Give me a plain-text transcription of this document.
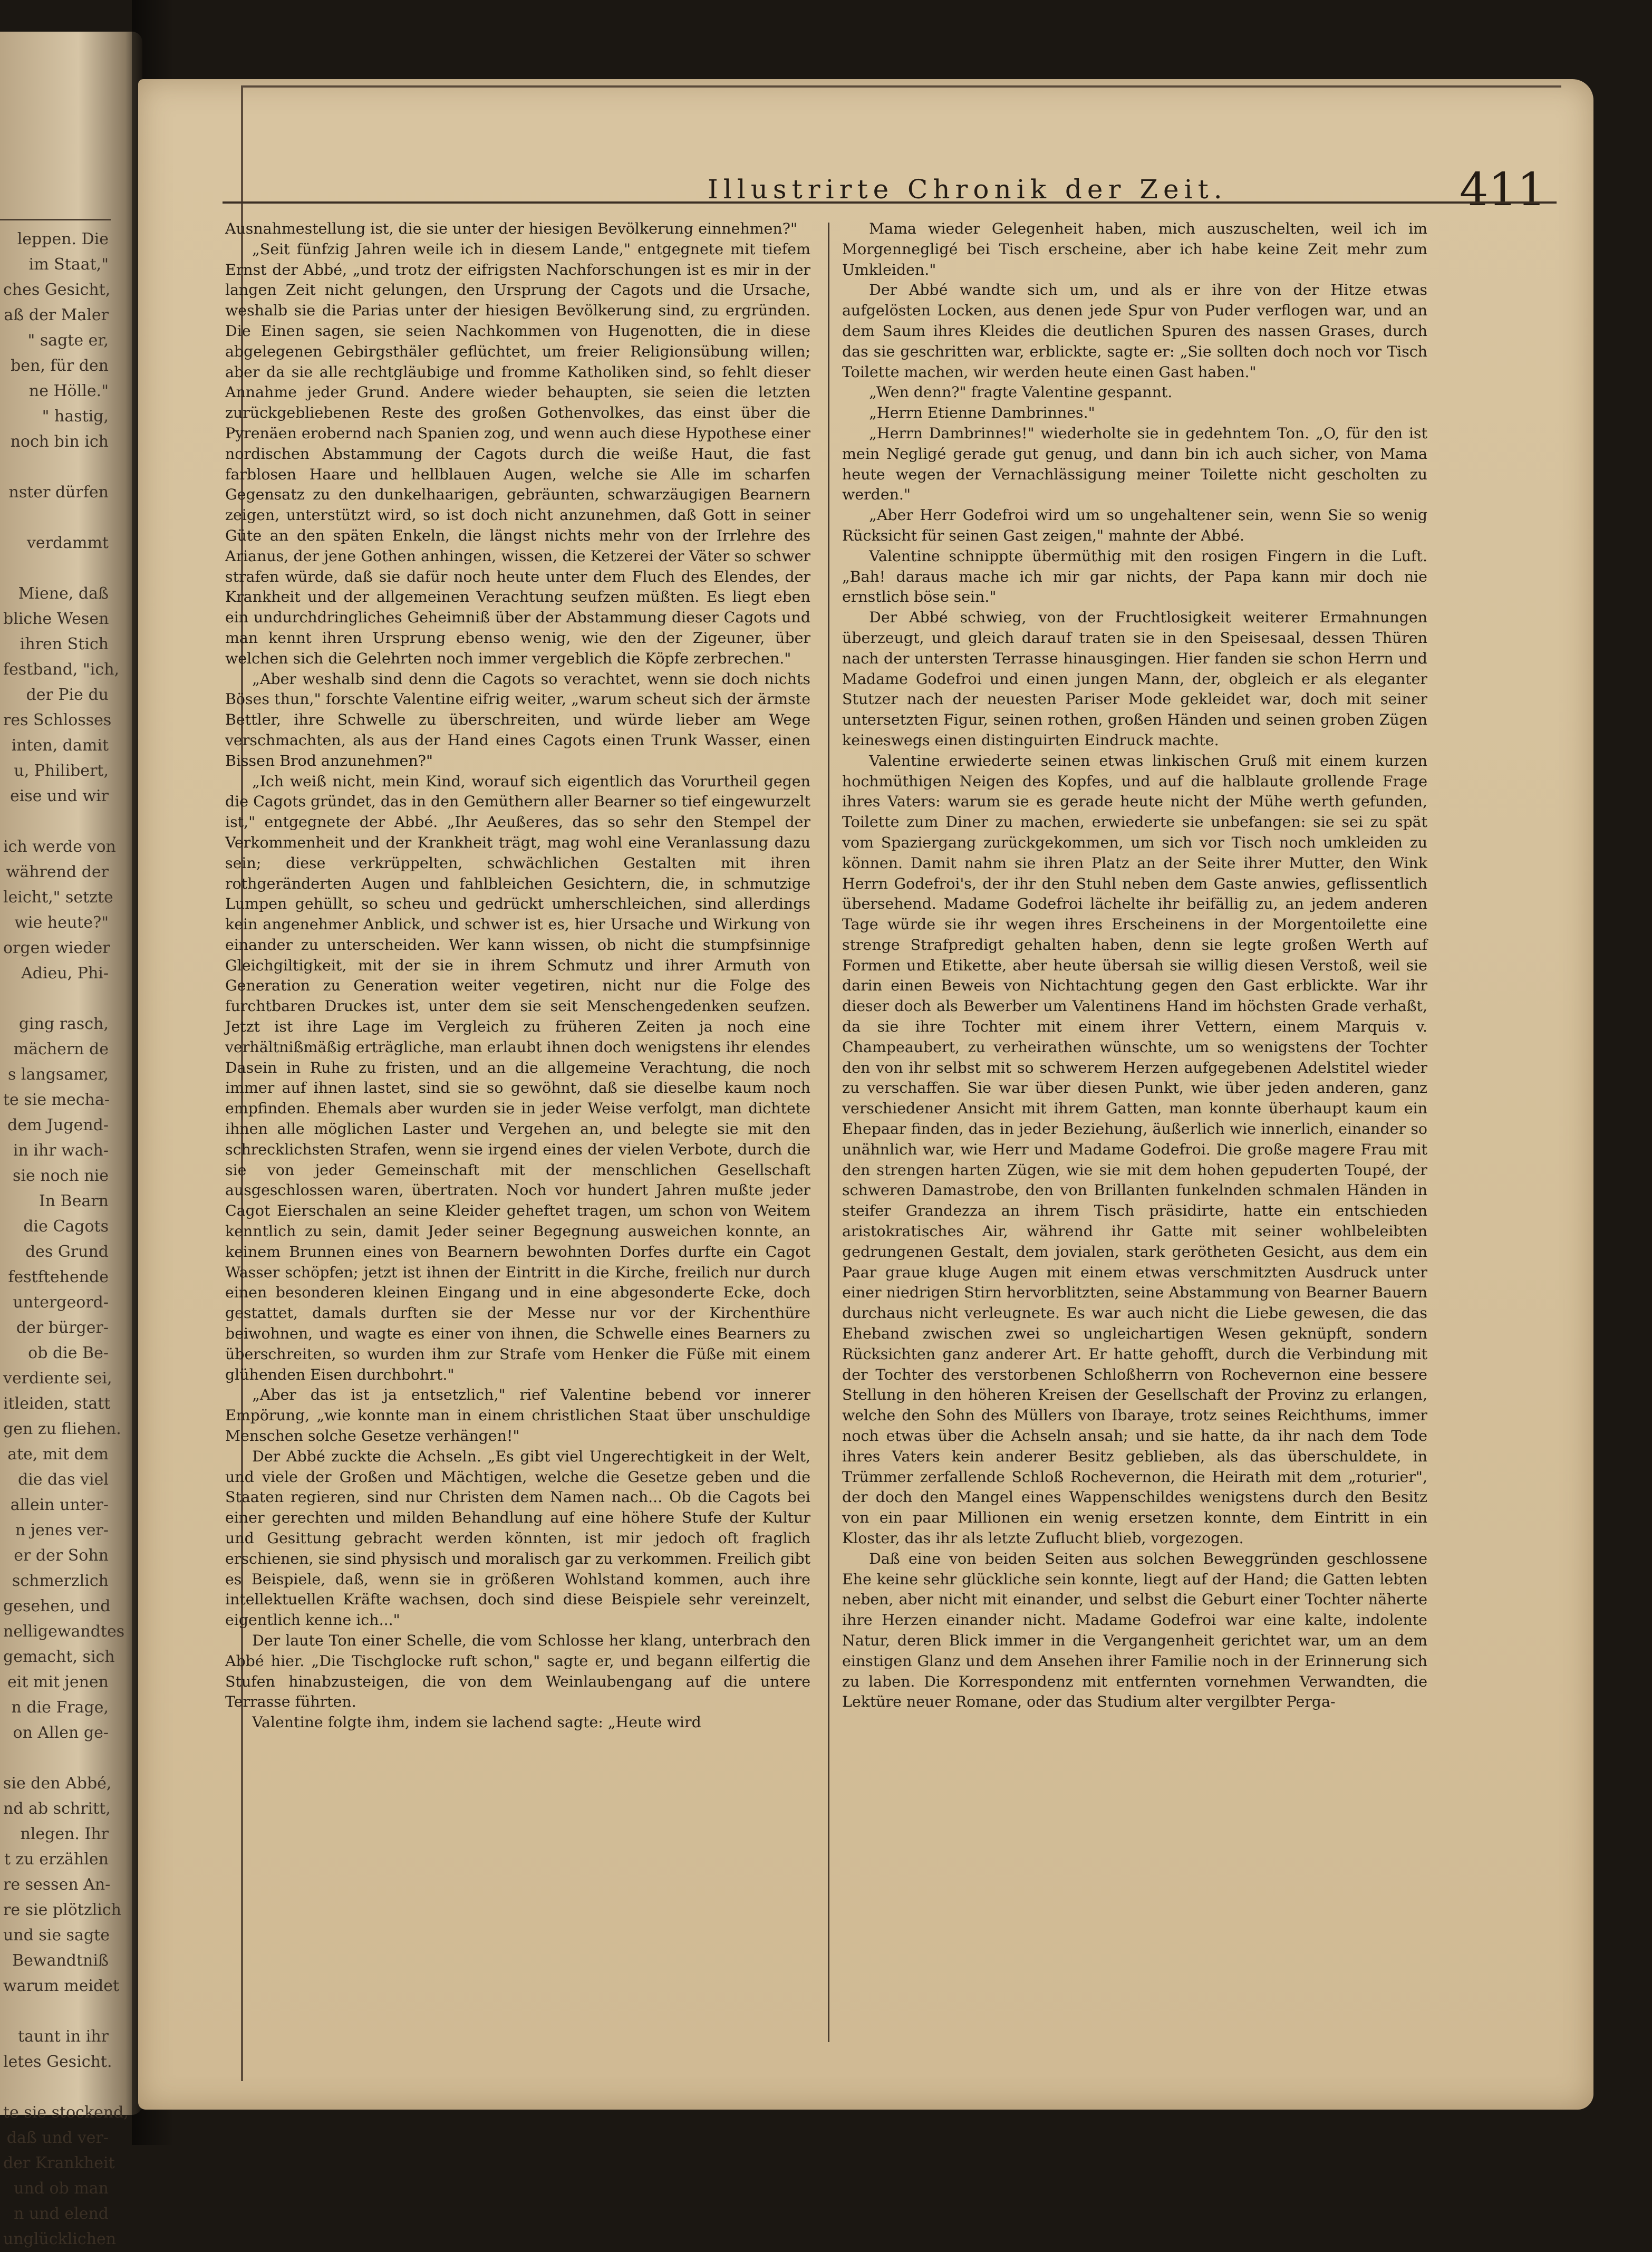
leppen. Die
im Staat,"
ches Gesicht,
aß der Maler
" sagte er,
ben, für den
ne Hölle."
" hastig,
noch bin ich
nster dürfen
verdammt
Miene, daß
bliche Wesen
ihren Stich
festband, "ich,
der Pie du
res Schlosses
inten, damit
u, Philibert,
eise und wir
ich werde von
während der
leicht," setzte
wie heute?"
orgen wieder
Adieu, Phi-
ging rasch,
mächern de
s langsamer,
te sie mecha-
dem Jugend-
in ihr wach-
sie noch nie
In Bearn
die Cagots
des Grund
festftehende
untergeord-
der bürger-
ob die Be-
verdiente sei,
itleiden, statt
gen zu fliehen.
ate, mit dem
die das viel
allein unter-
n jenes ver-
er der Sohn
schmerzlich
gesehen, und
nelligewandtes
gemacht, sich
eit mit jenen
n die Frage,
on Allen ge-
sie den Abbé,
nd ab schritt,
nlegen. Ihr
t zu erzählen
re sessen An-
re sie plötzlich
und sie sagte
Bewandtniß
warum meidet
taunt in ihr
letes Gesicht.
te sie stockend,
daß und ver-
der Krankheit
und ob man
n und elend
unglücklichen
Illustrirte Chronik der Zeit.	411

Ausnahmestellung ist, die sie unter der hiesigen Bevölkerung einnehmen?"

„Seit fünfzig Jahren weile ich in diesem Lande," entgegnete mit tiefem Ernst der Abbé, „und trotz der eifrigsten Nachforschungen ist es mir in der langen Zeit nicht gelungen, den Ursprung der Cagots und die Ursache, weshalb sie die Parias unter der hiesigen Bevölkerung sind, zu ergründen. Die Einen sagen, sie seien Nachkommen von Hugenotten, die in diese abgelegenen Gebirgsthäler geflüchtet, um freier Religionsübung willen; aber da sie alle rechtgläubige und fromme Katholiken sind, so fehlt dieser Annahme jeder Grund. Andere wieder behaupten, sie seien die letzten zurückgebliebenen Reste des großen Gothenvolkes, das einst über die Pyrenäen erobernd nach Spanien zog, und wenn auch diese Hypothese einer nordischen Abstammung der Cagots durch die weiße Haut, die fast farblosen Haare und hellblauen Augen, welche sie Alle im scharfen Gegensatz zu den dunkelhaarigen, gebräunten, schwarzäugigen Bearnern zeigen, unterstützt wird, so ist doch nicht anzunehmen, daß Gott in seiner Güte an den späten Enkeln, die längst nichts mehr von der Irrlehre des Arianus, der jene Gothen anhingen, wissen, die Ketzerei der Väter so schwer strafen würde, daß sie dafür noch heute unter dem Fluch des Elendes, der Krankheit und der allgemeinen Verachtung seufzen müßten. Es liegt eben ein undurchdringliches Geheimniß über der Abstammung dieser Cagots und man kennt ihren Ursprung ebenso wenig, wie den der Zigeuner, über welchen sich die Gelehrten noch immer vergeblich die Köpfe zerbrechen."

„Aber weshalb sind denn die Cagots so verachtet, wenn sie doch nichts Böses thun," forschte Valentine eifrig weiter, „warum scheut sich der ärmste Bettler, ihre Schwelle zu überschreiten, und würde lieber am Wege verschmachten, als aus der Hand eines Cagots einen Trunk Wasser, einen Bissen Brod anzunehmen?"

„Ich weiß nicht, mein Kind, worauf sich eigentlich das Vorurtheil gegen die Cagots gründet, das in den Gemüthern aller Bearner so tief eingewurzelt ist," entgegnete der Abbé. „Ihr Aeußeres, das so sehr den Stempel der Verkommenheit und der Krankheit trägt, mag wohl eine Veranlassung dazu sein; diese verkrüppelten, schwächlichen Gestalten mit ihren rothgeränderten Augen und fahlbleichen Gesichtern, die, in schmutzige Lumpen gehüllt, so scheu und gedrückt umherschleichen, sind allerdings kein angenehmer Anblick, und schwer ist es, hier Ursache und Wirkung von einander zu unterscheiden. Wer kann wissen, ob nicht die stumpfsinnige Gleichgiltigkeit, mit der sie in ihrem Schmutz und ihrer Armuth von Generation zu Generation weiter vegetiren, nicht nur die Folge des furchtbaren Druckes ist, unter dem sie seit Menschengedenken seufzen. Jetzt ist ihre Lage im Vergleich zu früheren Zeiten ja noch eine verhältnißmäßig erträgliche, man erlaubt ihnen doch wenigstens ihr elendes Dasein in Ruhe zu fristen, und an die allgemeine Verachtung, die noch immer auf ihnen lastet, sind sie so gewöhnt, daß sie dieselbe kaum noch empfinden. Ehemals aber wurden sie in jeder Weise verfolgt, man dichtete ihnen alle möglichen Laster und Vergehen an, und belegte sie mit den schrecklichsten Strafen, wenn sie irgend eines der vielen Verbote, durch die sie von jeder Gemeinschaft mit der menschlichen Gesellschaft ausgeschlossen waren, übertraten. Noch vor hundert Jahren mußte jeder Cagot Eierschalen an seine Kleider geheftet tragen, um schon von Weitem kenntlich zu sein, damit Jeder seiner Begegnung ausweichen konnte, an keinem Brunnen eines von Bearnern bewohnten Dorfes durfte ein Cagot Wasser schöpfen; jetzt ist ihnen der Eintritt in die Kirche, freilich nur durch einen besonderen kleinen Eingang und in eine abgesonderte Ecke, doch gestattet, damals durften sie der Messe nur vor der Kirchenthüre beiwohnen, und wagte es einer von ihnen, die Schwelle eines Bearners zu überschreiten, so wurden ihm zur Strafe vom Henker die Füße mit einem glühenden Eisen durchbohrt."

„Aber das ist ja entsetzlich," rief Valentine bebend vor innerer Empörung, „wie konnte man in einem christlichen Staat über unschuldige Menschen solche Gesetze verhängen!"

Der Abbé zuckte die Achseln. „Es gibt viel Ungerechtigkeit in der Welt, und viele der Großen und Mächtigen, welche die Gesetze geben und die Staaten regieren, sind nur Christen dem Namen nach... Ob die Cagots bei einer gerechten und milden Behandlung auf eine höhere Stufe der Kultur und Gesittung gebracht werden könnten, ist mir jedoch oft fraglich erschienen, sie sind physisch und moralisch gar zu verkommen. Freilich gibt es Beispiele, daß, wenn sie in größeren Wohlstand kommen, auch ihre intellektuellen Kräfte wachsen, doch sind diese Beispiele sehr vereinzelt, eigentlich kenne ich..."

Der laute Ton einer Schelle, die vom Schlosse her klang, unterbrach den Abbé hier. „Die Tischglocke ruft schon," sagte er, und begann eilfertig die Stufen hinabzusteigen, die von dem Weinlaubengang auf die untere Terrasse führten.

Valentine folgte ihm, indem sie lachend sagte: „Heute wird

Mama wieder Gelegenheit haben, mich auszuschelten, weil ich im Morgennegligé bei Tisch erscheine, aber ich habe keine Zeit mehr zum Umkleiden."

Der Abbé wandte sich um, und als er ihre von der Hitze etwas aufgelösten Locken, aus denen jede Spur von Puder verflogen war, und an dem Saum ihres Kleides die deutlichen Spuren des nassen Grases, durch das sie geschritten war, erblickte, sagte er: „Sie sollten doch noch vor Tisch Toilette machen, wir werden heute einen Gast haben."

„Wen denn?" fragte Valentine gespannt.

„Herrn Etienne Dambrinnes."

„Herrn Dambrinnes!" wiederholte sie in gedehntem Ton. „O, für den ist mein Negligé gerade gut genug, und dann bin ich auch sicher, von Mama heute wegen der Vernachlässigung meiner Toilette nicht gescholten zu werden."

„Aber Herr Godefroi wird um so ungehaltener sein, wenn Sie so wenig Rücksicht für seinen Gast zeigen," mahnte der Abbé.

Valentine schnippte übermüthig mit den rosigen Fingern in die Luft. „Bah! daraus mache ich mir gar nichts, der Papa kann mir doch nie ernstlich böse sein."

Der Abbé schwieg, von der Fruchtlosigkeit weiterer Ermahnungen überzeugt, und gleich darauf traten sie in den Speisesaal, dessen Thüren nach der untersten Terrasse hinausgingen. Hier fanden sie schon Herrn und Madame Godefroi und einen jungen Mann, der, obgleich er als eleganter Stutzer nach der neuesten Pariser Mode gekleidet war, doch mit seiner untersetzten Figur, seinen rothen, großen Händen und seinen groben Zügen keineswegs einen distinguirten Eindruck machte.

Valentine erwiederte seinen etwas linkischen Gruß mit einem kurzen hochmüthigen Neigen des Kopfes, und auf die halblaute grollende Frage ihres Vaters: warum sie es gerade heute nicht der Mühe werth gefunden, Toilette zum Diner zu machen, erwiederte sie unbefangen: sie sei zu spät vom Spaziergang zurückgekommen, um sich vor Tisch noch umkleiden zu können. Damit nahm sie ihren Platz an der Seite ihrer Mutter, den Wink Herrn Godefroi's, der ihr den Stuhl neben dem Gaste anwies, geflissentlich übersehend. Madame Godefroi lächelte ihr beifällig zu, an jedem anderen Tage würde sie ihr wegen ihres Erscheinens in der Morgentoilette eine strenge Strafpredigt gehalten haben, denn sie legte großen Werth auf Formen und Etikette, aber heute übersah sie willig diesen Verstoß, weil sie darin einen Beweis von Nichtachtung gegen den Gast erblickte. War ihr dieser doch als Bewerber um Valentinens Hand im höchsten Grade verhaßt, da sie ihre Tochter mit einem ihrer Vettern, einem Marquis v. Champeaubert, zu verheirathen wünschte, um so wenigstens der Tochter den von ihr selbst mit so schwerem Herzen aufgegebenen Adelstitel wieder zu verschaffen. Sie war über diesen Punkt, wie über jeden anderen, ganz verschiedener Ansicht mit ihrem Gatten, man konnte überhaupt kaum ein Ehepaar finden, das in jeder Beziehung, äußerlich wie innerlich, einander so unähnlich war, wie Herr und Madame Godefroi. Die große magere Frau mit den strengen harten Zügen, wie sie mit dem hohen gepuderten Toupé, der schweren Damastrobe, den von Brillanten funkelnden schmalen Händen in steifer Grandezza an ihrem Tisch präsidirte, hatte ein entschieden aristokratisches Air, während ihr Gatte mit seiner wohlbeleibten gedrungenen Gestalt, dem jovialen, stark gerötheten Gesicht, aus dem ein Paar graue kluge Augen mit einem etwas verschmitzten Ausdruck unter einer niedrigen Stirn hervorblitzten, seine Abstammung von Bearner Bauern durchaus nicht verleugnete. Es war auch nicht die Liebe gewesen, die das Eheband zwischen zwei so ungleichartigen Wesen geknüpft, sondern Rücksichten ganz anderer Art. Er hatte gehofft, durch die Verbindung mit der Tochter des verstorbenen Schloßherrn von Rochevernon eine bessere Stellung in den höheren Kreisen der Gesellschaft der Provinz zu erlangen, welche den Sohn des Müllers von Ibaraye, trotz seines Reichthums, immer noch etwas über die Achseln ansah; und sie hatte, da ihr nach dem Tode ihres Vaters kein anderer Besitz geblieben, als das überschuldete, in Trümmer zerfallende Schloß Rochevernon, die Heirath mit dem „roturier", der doch den Mangel eines Wappenschildes wenigstens durch den Besitz von ein paar Millionen ein wenig ersetzen konnte, dem Eintritt in ein Kloster, das ihr als letzte Zuflucht blieb, vorgezogen.

Daß eine von beiden Seiten aus solchen Beweggründen geschlossene Ehe keine sehr glückliche sein konnte, liegt auf der Hand; die Gatten lebten neben, aber nicht mit einander, und selbst die Geburt einer Tochter näherte ihre Herzen einander nicht. Madame Godefroi war eine kalte, indolente Natur, deren Blick immer in die Vergangenheit gerichtet war, um an dem einstigen Glanz und dem Ansehen ihrer Familie noch in der Erinnerung sich zu laben. Die Korrespondenz mit entfernten vornehmen Verwandten, die Lektüre neuer Romane, oder das Studium alter vergilbter Perga-
